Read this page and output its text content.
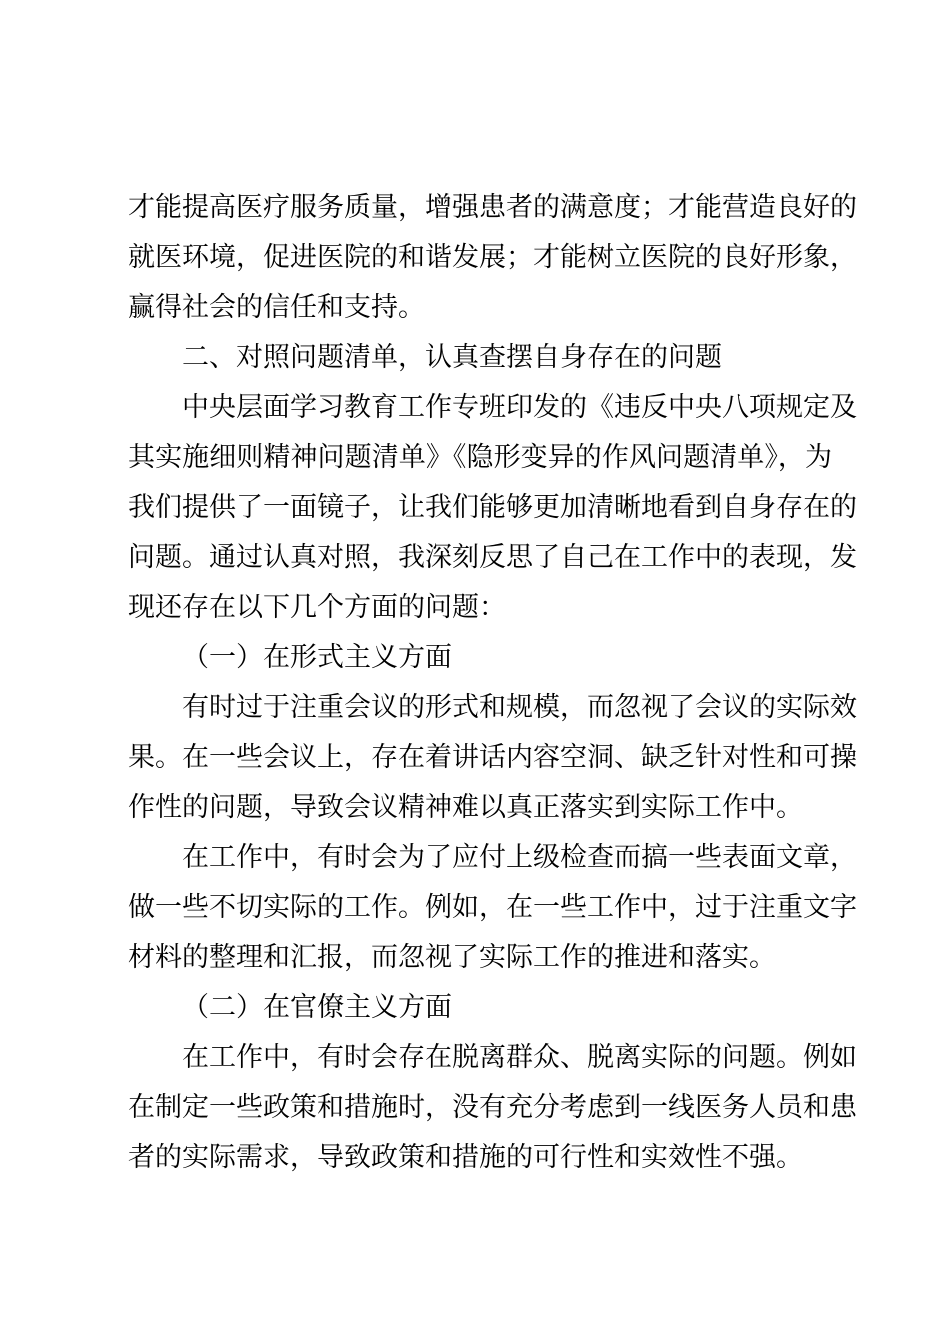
才能提高医疗服务质量，增强患者的满意度；才能营造良好的
就医环境，促进医院的和谐发展；才能树立医院的良好形象，
赢得社会的信任和支持。
二、对照问题清单，认真查摆自身存在的问题
中央层面学习教育工作专班印发的《违反中央八项规定及
其实施细则精神问题清单》《隐形变异的作风问题清单》，为
我们提供了一面镜子，让我们能够更加清晰地看到自身存在的
问题。通过认真对照，我深刻反思了自己在工作中的表现，发
现还存在以下几个方面的问题：
（一）在形式主义方面
有时过于注重会议的形式和规模，而忽视了会议的实际效
果。在一些会议上，存在着讲话内容空洞、缺乏针对性和可操
作性的问题，导致会议精神难以真正落实到实际工作中。
在工作中，有时会为了应付上级检查而搞一些表面文章，
做一些不切实际的工作。例如，在一些工作中，过于注重文字
材料的整理和汇报，而忽视了实际工作的推进和落实。
（二）在官僚主义方面
在工作中，有时会存在脱离群众、脱离实际的问题。例如
在制定一些政策和措施时，没有充分考虑到一线医务人员和患
者的实际需求，导致政策和措施的可行性和实效性不强。
